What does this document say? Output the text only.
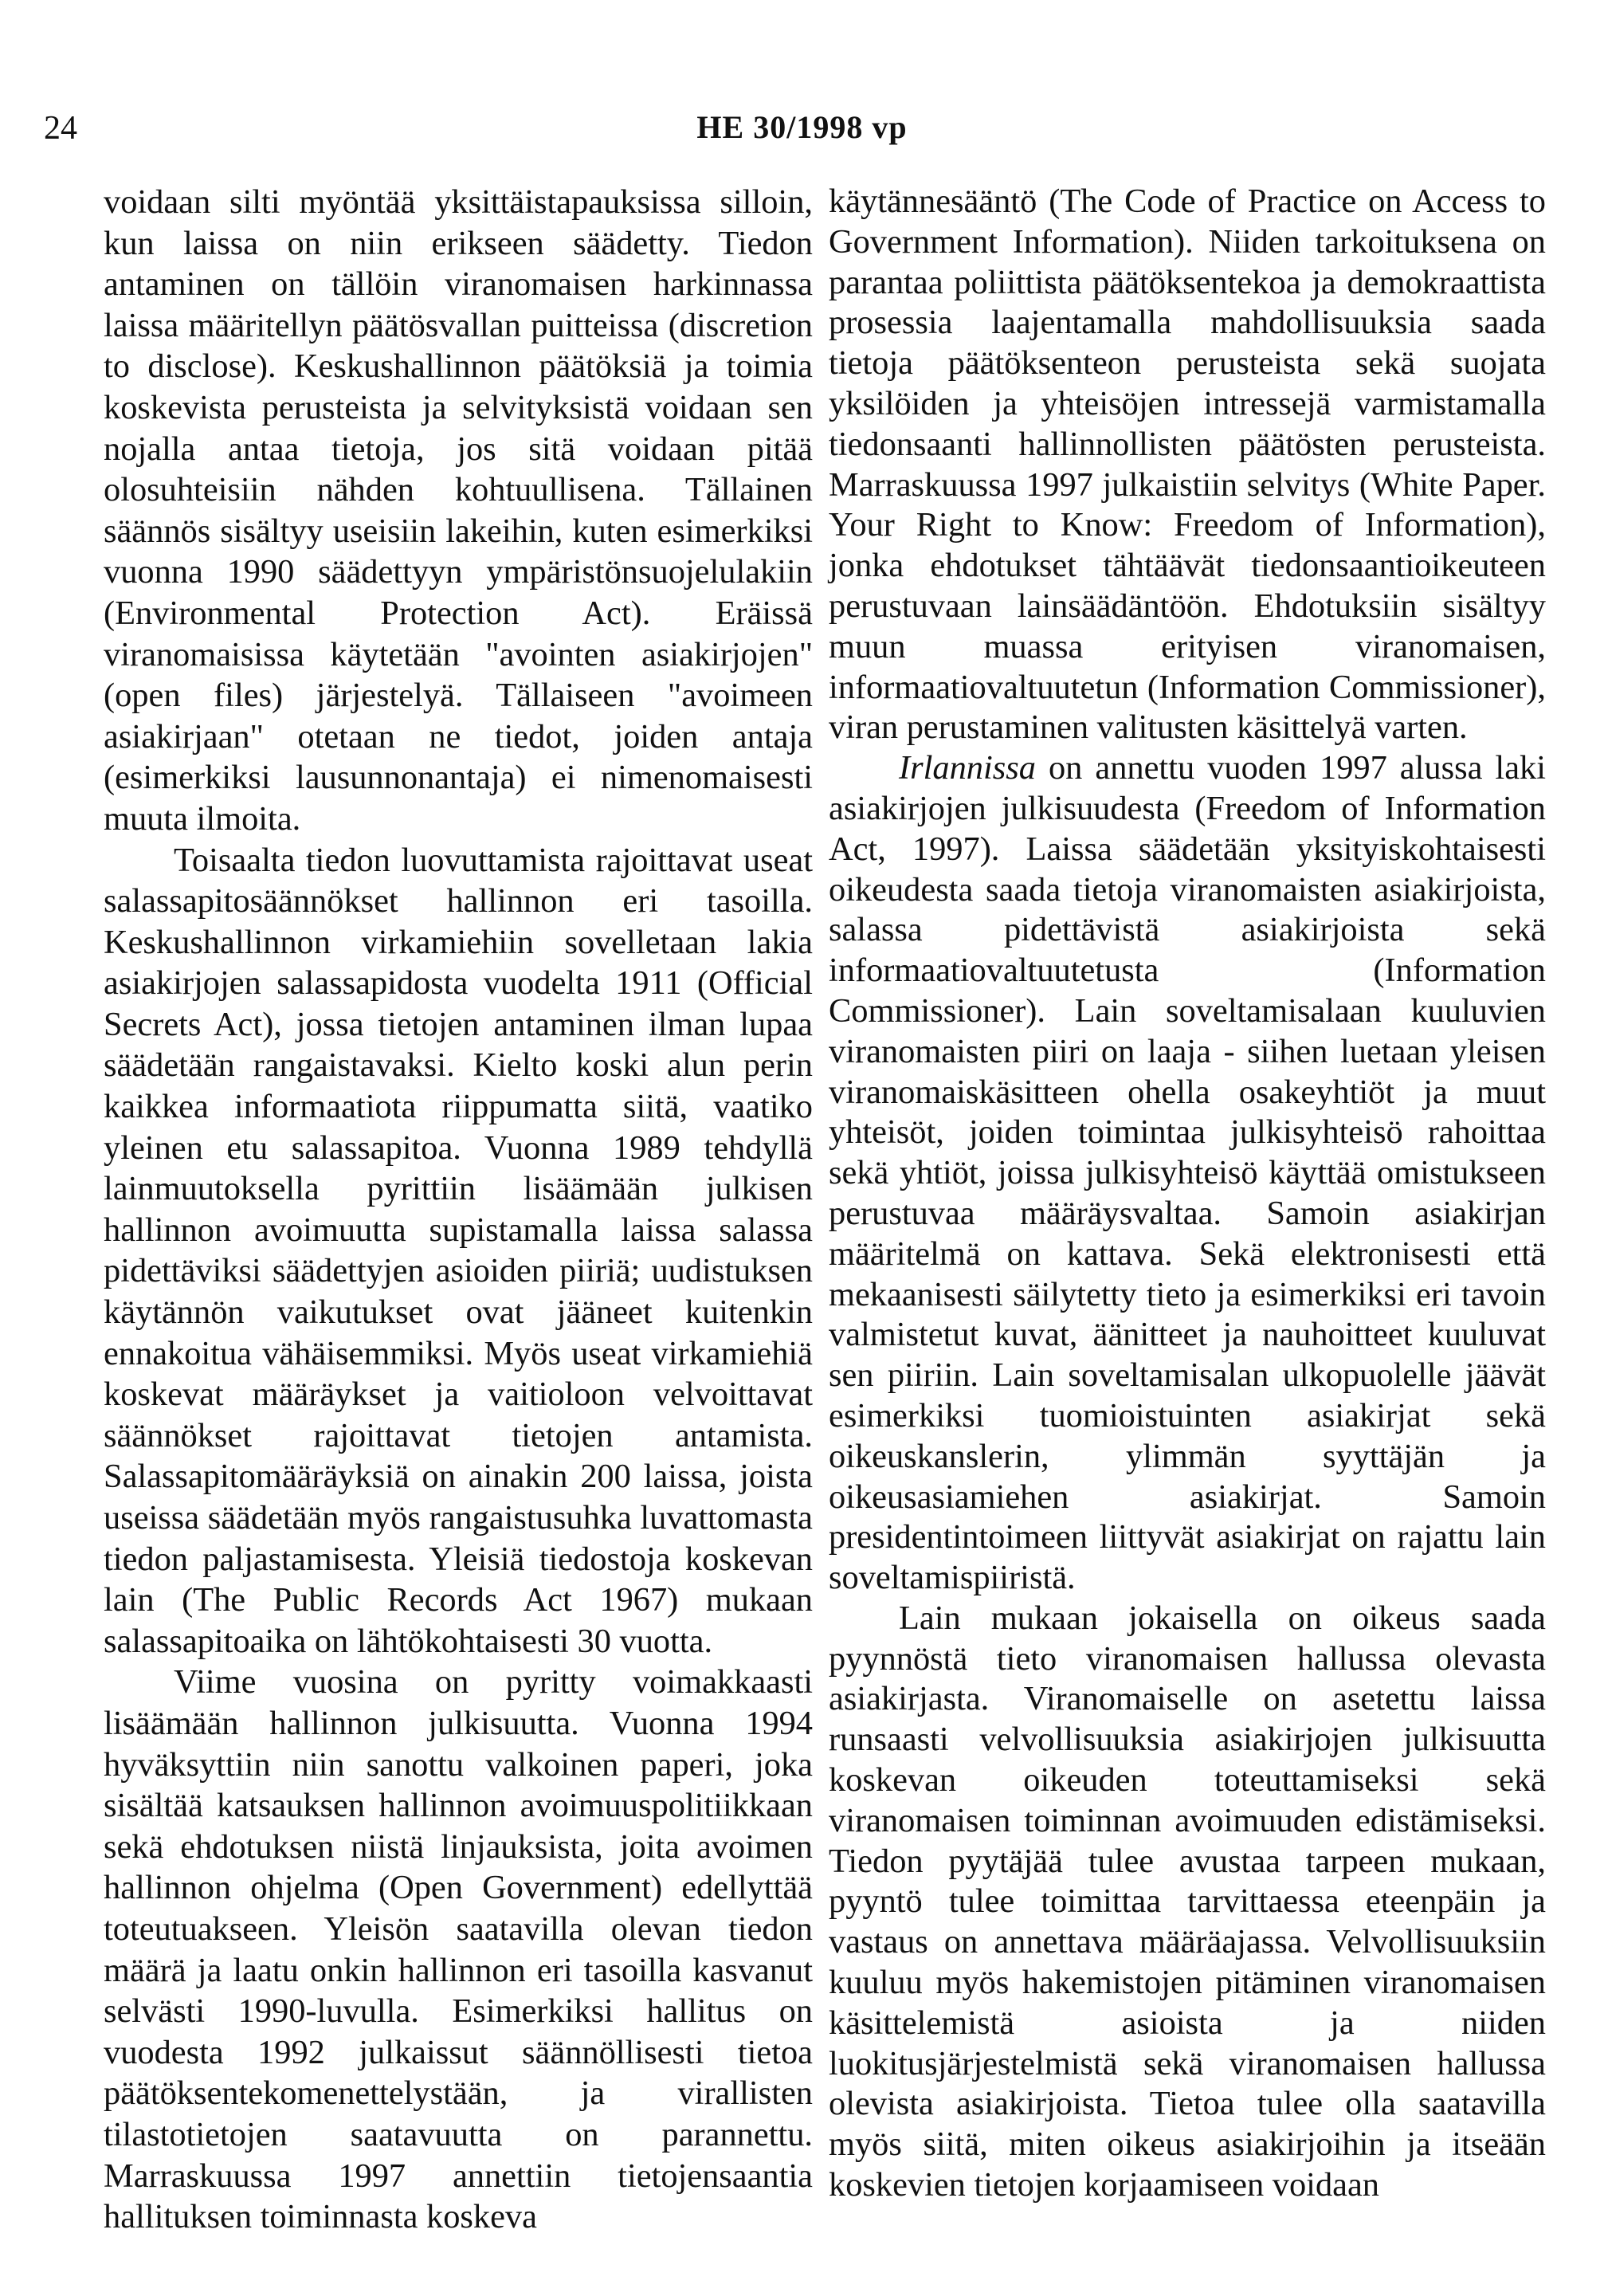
24	HE 30/1998 vp

voidaan silti myöntää yksittäistapauksissa silloin, kun laissa on niin erikseen säädetty. Tiedon antaminen on tällöin viranomaisen harkinnassa laissa määritellyn päätösvallan puitteissa (discretion to disclose). Keskushallinnon päätöksiä ja toimia koskevista perusteista ja selvityksistä voidaan sen nojalla antaa tietoja, jos sitä voidaan pitää olosuhteisiin nähden kohtuullisena. Tällainen säännös sisältyy useisiin lakeihin, kuten esimerkiksi vuonna 1990 säädettyyn ympäristönsuojelulakiin (Environmental Protection Act). Eräissä viranomaisissa käytetään "avointen asiakirjojen" (open files) järjestelyä. Tällaiseen "avoimeen asiakirjaan" otetaan ne tiedot, joiden antaja (esimerkiksi lausunnonantaja) ei nimenomaisesti muuta ilmoita.

Toisaalta tiedon luovuttamista rajoittavat useat salassapitosäännökset hallinnon eri tasoilla. Keskushallinnon virkamiehiin sovelletaan lakia asiakirjojen salassapidosta vuodelta 1911 (Official Secrets Act), jossa tietojen antaminen ilman lupaa säädetään rangaistavaksi. Kielto koski alun perin kaikkea informaatiota riippumatta siitä, vaatiko yleinen etu salassapitoa. Vuonna 1989 tehdyllä lainmuutoksella pyrittiin lisäämään julkisen hallinnon avoimuutta supistamalla laissa salassa pidettäviksi säädettyjen asioiden piiriä; uudistuksen käytännön vaikutukset ovat jääneet kuitenkin ennakoitua vähäisemmiksi. Myös useat virkamiehiä koskevat määräykset ja vaitioloon velvoittavat säännökset rajoittavat tietojen antamista. Salassapitomääräyksiä on ainakin 200 laissa, joista useissa säädetään myös rangaistusuhka luvattomasta tiedon paljastamisesta. Yleisiä tiedostoja koskevan lain (The Public Records Act 1967) mukaan salassapitoaika on lähtökohtaisesti 30 vuotta.

Viime vuosina on pyritty voimakkaasti lisäämään hallinnon julkisuutta. Vuonna 1994 hyväksyttiin niin sanottu valkoinen paperi, joka sisältää katsauksen hallinnon avoimuuspolitiikkaan sekä ehdotuksen niistä linjauksista, joita avoimen hallinnon ohjelma (Open Government) edellyttää toteutuakseen. Yleisön saatavilla olevan tiedon määrä ja laatu onkin hallinnon eri tasoilla kasvanut selvästi 1990-luvulla. Esimerkiksi hallitus on vuodesta 1992 julkaissut säännöllisesti tietoa päätöksentekomenettelystään, ja virallisten tilastotietojen saatavuutta on parannettu. Marraskuussa 1997 annettiin tietojensaantia hallituksen toiminnasta koskeva

käytännesääntö (The Code of Practice on Access to Government Information). Niiden tarkoituksena on parantaa poliittista päätöksentekoa ja demokraattista prosessia laajentamalla mahdollisuuksia saada tietoja päätöksenteon perusteista sekä suojata yksilöiden ja yhteisöjen intressejä varmistamalla tiedonsaanti hallinnollisten päätösten perusteista. Marraskuussa 1997 julkaistiin selvitys (White Paper. Your Right to Know: Freedom of Information), jonka ehdotukset tähtäävät tiedonsaantioikeuteen perustuvaan lainsäädäntöön. Ehdotuksiin sisältyy muun muassa erityisen viranomaisen, informaatiovaltuutetun (Information Commissioner), viran perustaminen valitusten käsittelyä varten.

Irlannissa on annettu vuoden 1997 alussa laki asiakirjojen julkisuudesta (Freedom of Information Act, 1997). Laissa säädetään yksityiskohtaisesti oikeudesta saada tietoja viranomaisten asiakirjoista, salassa pidettävistä asiakirjoista sekä informaatiovaltuutetusta (Information Commissioner). Lain soveltamisalaan kuuluvien viranomaisten piiri on laaja - siihen luetaan yleisen viranomaiskäsitteen ohella osakeyhtiöt ja muut yhteisöt, joiden toimintaa julkisyhteisö rahoittaa sekä yhtiöt, joissa julkisyhteisö käyttää omistukseen perustuvaa määräysvaltaa. Samoin asiakirjan määritelmä on kattava. Sekä elektronisesti että mekaanisesti säilytetty tieto ja esimerkiksi eri tavoin valmistetut kuvat, äänitteet ja nauhoitteet kuuluvat sen piiriin. Lain soveltamisalan ulkopuolelle jäävät esimerkiksi tuomioistuinten asiakirjat sekä oikeuskanslerin, ylimmän syyttäjän ja oikeusasiamiehen asiakirjat. Samoin presidentintoimeen liittyvät asiakirjat on rajattu lain soveltamispiiristä.

Lain mukaan jokaisella on oikeus saada pyynnöstä tieto viranomaisen hallussa olevasta asiakirjasta. Viranomaiselle on asetettu laissa runsaasti velvollisuuksia asiakirjojen julkisuutta koskevan oikeuden toteuttamiseksi sekä viranomaisen toiminnan avoimuuden edistämiseksi. Tiedon pyytäjää tulee avustaa tarpeen mukaan, pyyntö tulee toimittaa tarvittaessa eteenpäin ja vastaus on annettava määräajassa. Velvollisuuksiin kuuluu myös hakemistojen pitäminen viranomaisen käsittelemistä asioista ja niiden luokitusjärjestelmistä sekä viranomaisen hallussa olevista asiakirjoista. Tietoa tulee olla saatavilla myös siitä, miten oikeus asiakirjoihin ja itseään koskevien tietojen korjaamiseen voidaan
